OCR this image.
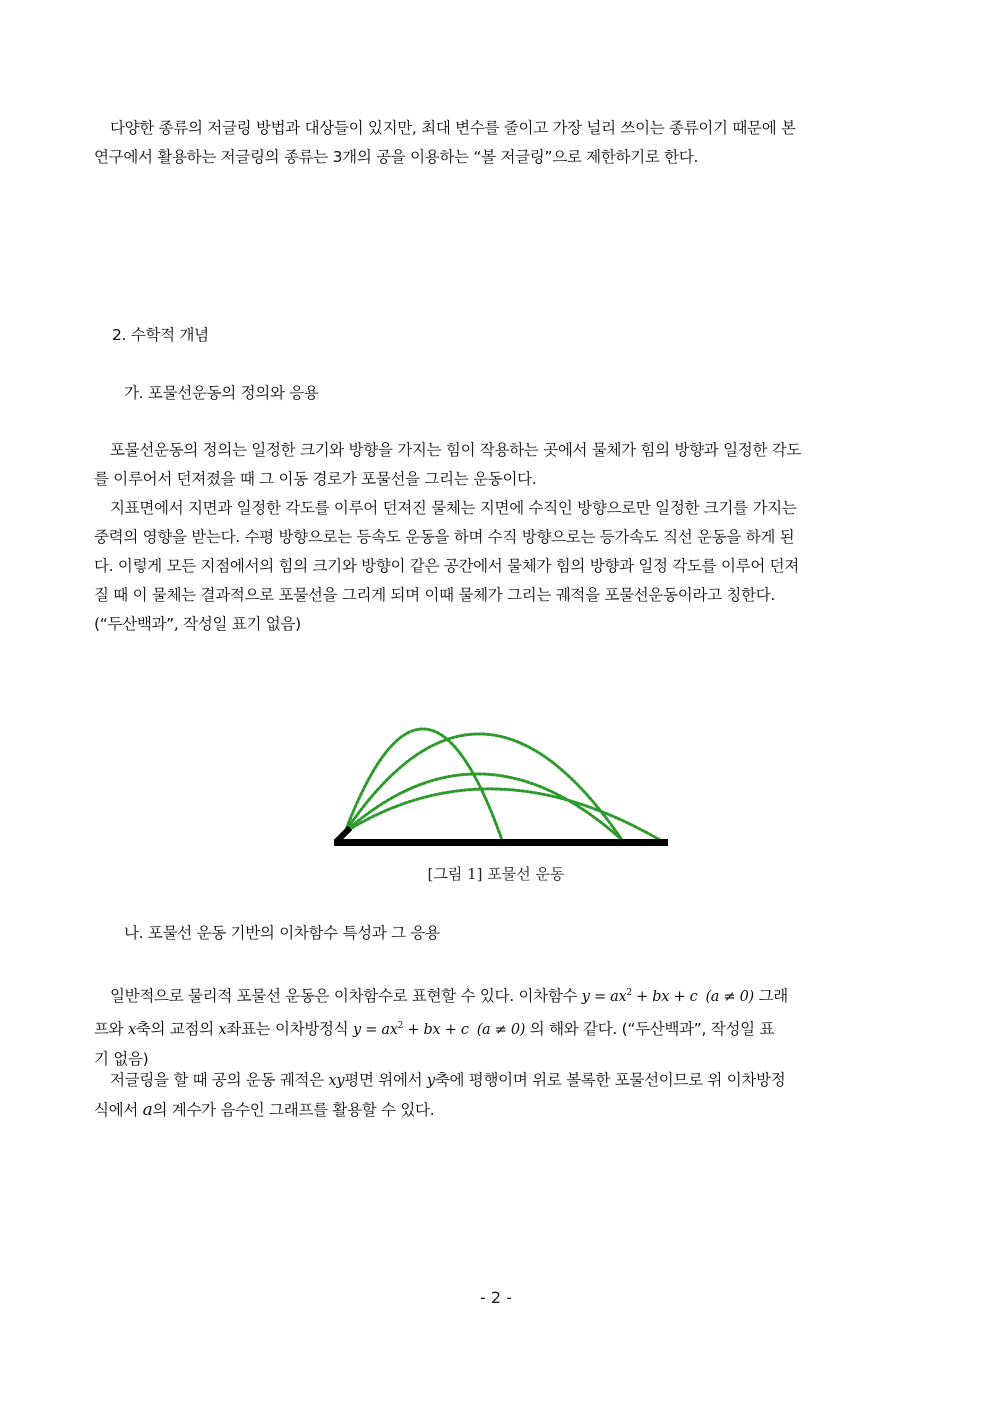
다양한 종류의 저글링 방법과 대상들이 있지만, 최대 변수를 줄이고 가장 널리 쓰이는 종류이기 때문에 본
연구에서 활용하는 저글링의 종류는 3개의 공을 이용하는 “볼 저글링”으로 제한하기로 한다.
2. 수학적 개념
가. 포물선운동의 정의와 응용
포물선운동의 정의는 일정한 크기와 방향을 가지는 힘이 작용하는 곳에서 물체가 힘의 방향과 일정한 각도
를 이루어서 던져졌을 때 그 이동 경로가 포물선을 그리는 운동이다.
지표면에서 지면과 일정한 각도를 이루어 던져진 물체는 지면에 수직인 방향으로만 일정한 크기를 가지는
중력의 영향을 받는다. 수평 방향으로는 등속도 운동을 하며 수직 방향으로는 등가속도 직선 운동을 하게 된
다. 이렇게 모든 지점에서의 힘의 크기와 방향이 같은 공간에서 물체가 힘의 방향과 일정 각도를 이루어 던져
질 때 이 물체는 결과적으로 포물선을 그리게 되며 이때 물체가 그리는 궤적을 포물선운동이라고 칭한다.
(“두산백과”, 작성일 표기 없음)
[그림 1] 포물선 운동
나. 포물선 운동 기반의 이차함수 특성과 그 응용
일반적으로 물리적 포물선 운동은 이차함수로 표현할 수 있다. 이차함수 $y = ax^2$ + bx + c (a ≠ 0) 그래
프와 x축의 교점의 x좌표는 이차방정식 $y = ax^2$ + bx + c (a ≠ 0) 의 해와 같다. (“두산백과”, 작성일 표
기 없음)
저글링을 할 때 공의 운동 궤적은 xy평면 위에서 y축에 평행이며 위로 볼록한 포물선이므로 위 이차방정
식에서 a의 계수가 음수인 그래프를 활용할 수 있다.
- 2 -
